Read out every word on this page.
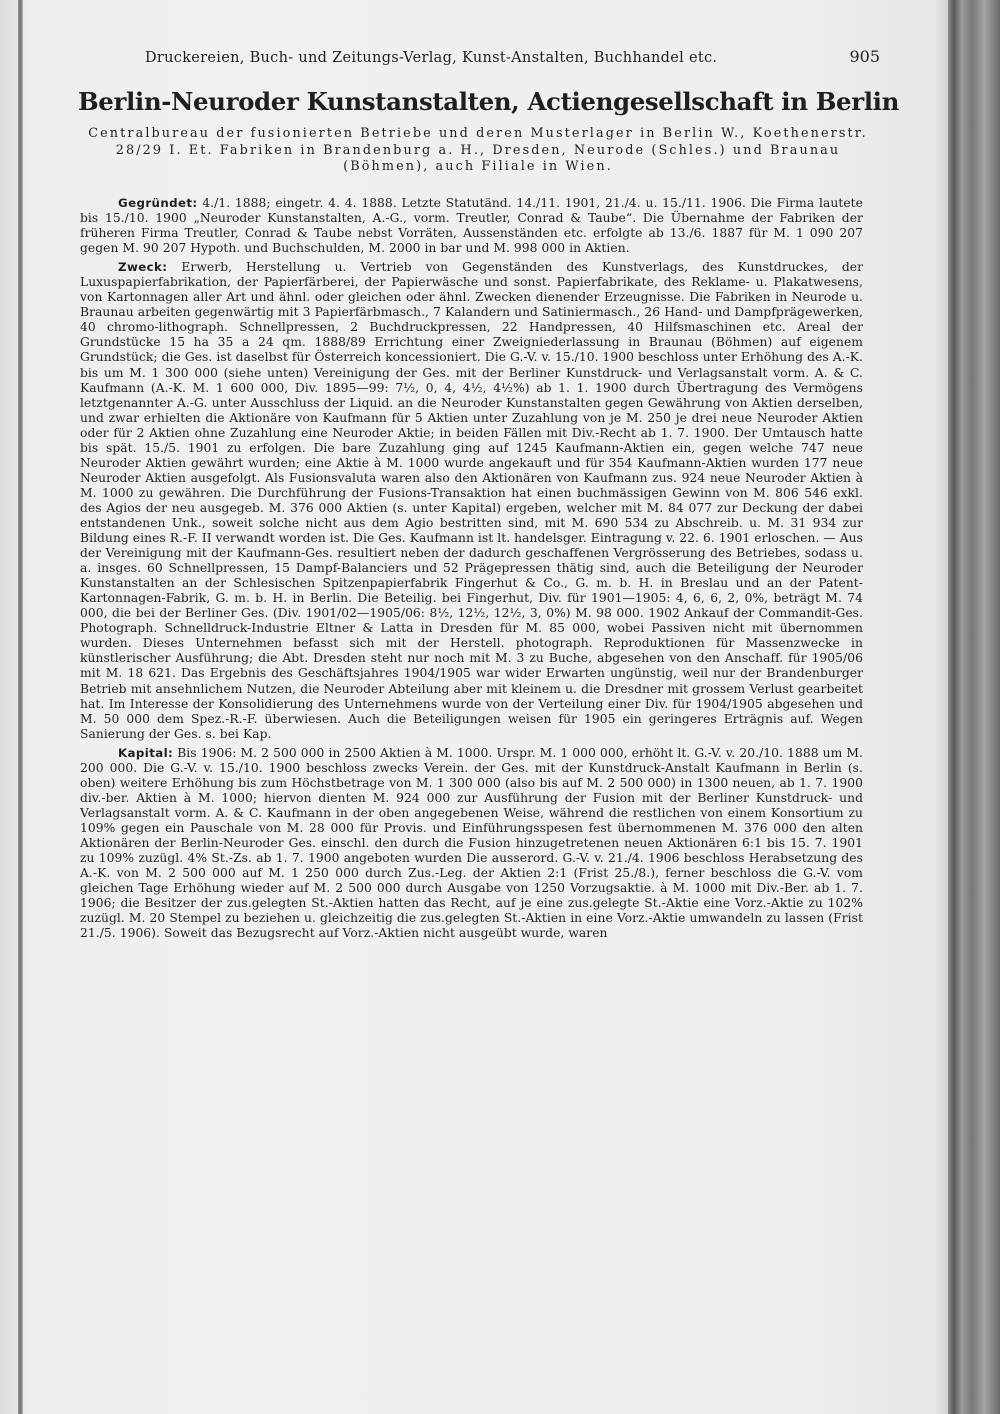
Druckereien, Buch- und Zeitungs-Verlag, Kunst-Anstalten, Buchhandel etc.	905
Berlin-Neuroder Kunstanstalten, Actiengesellschaft in Berlin
Centralbureau der fusionierten Betriebe und deren Musterlager in Berlin W., Koethenerstr. 28/29 I. Et. Fabriken in Brandenburg a. H., Dresden, Neurode (Schles.) und Braunau (Böhmen), auch Filiale in Wien.

Gegründet: 4./1. 1888; eingetr. 4. 4. 1888. Letzte Statutänd. 14./11. 1901, 21./4. u. 15./11. 1906. Die Firma lautete bis 15./10. 1900 „Neuroder Kunstanstalten, A.-G., vorm. Treutler, Conrad & Taube“. Die Übernahme der Fabriken der früheren Firma Treutler, Conrad & Taube nebst Vorräten, Aussenständen etc. erfolgte ab 13./6. 1887 für M. 1 090 207 gegen M. 90 207 Hypoth. und Buchschulden, M. 2000 in bar und M. 998 000 in Aktien.

Zweck: Erwerb, Herstellung u. Vertrieb von Gegenständen des Kunstverlags, des Kunstdruckes, der Luxuspapierfabrikation, der Papierfärberei, der Papierwäsche und sonst. Papierfabrikate, des Reklame- u. Plakatwesens, von Kartonnagen aller Art und ähnl. oder gleichen oder ähnl. Zwecken dienender Erzeugnisse. Die Fabriken in Neurode u. Braunau arbeiten gegenwärtig mit 3 Papierfärbmasch., 7 Kalandern und Satiniermasch., 26 Hand- und Dampfprägewerken, 40 chromo-lithograph. Schnellpressen, 2 Buchdruckpressen, 22 Handpressen, 40 Hilfsmaschinen etc. Areal der Grundstücke 15 ha 35 a 24 qm. 1888/89 Errichtung einer Zweigniederlassung in Braunau (Böhmen) auf eigenem Grundstück; die Ges. ist daselbst für Österreich koncessioniert. Die G.-V. v. 15./10. 1900 beschloss unter Erhöhung des A.-K. bis um M. 1 300 000 (siehe unten) Vereinigung der Ges. mit der Berliner Kunstdruck- und Verlagsanstalt vorm. A. & C. Kaufmann (A.-K. M. 1 600 000, Div. 1895—99: 7½, 0, 4, 4½, 4½%) ab 1. 1. 1900 durch Übertragung des Vermögens letztgenannter A.-G. unter Ausschluss der Liquid. an die Neuroder Kunstanstalten gegen Gewährung von Aktien derselben, und zwar erhielten die Aktionäre von Kaufmann für 5 Aktien unter Zuzahlung von je M. 250 je drei neue Neuroder Aktien oder für 2 Aktien ohne Zuzahlung eine Neuroder Aktie; in beiden Fällen mit Div.-Recht ab 1. 7. 1900. Der Umtausch hatte bis spät. 15./5. 1901 zu erfolgen. Die bare Zuzahlung ging auf 1245 Kaufmann-Aktien ein, gegen welche 747 neue Neuroder Aktien gewährt wurden; eine Aktie à M. 1000 wurde angekauft und für 354 Kaufmann-Aktien wurden 177 neue Neuroder Aktien ausgefolgt. Als Fusionsvaluta waren also den Aktionären von Kaufmann zus. 924 neue Neuroder Aktien à M. 1000 zu gewähren. Die Durchführung der Fusions-Transaktion hat einen buchmässigen Gewinn von M. 806 546 exkl. des Agios der neu ausgegeb. M. 376 000 Aktien (s. unter Kapital) ergeben, welcher mit M. 84 077 zur Deckung der dabei entstandenen Unk., soweit solche nicht aus dem Agio bestritten sind, mit M. 690 534 zu Abschreib. u. M. 31 934 zur Bildung eines R.-F. II verwandt worden ist. Die Ges. Kaufmann ist lt. handelsger. Eintragung v. 22. 6. 1901 erloschen. — Aus der Vereinigung mit der Kaufmann-Ges. resultiert neben der dadurch geschaffenen Vergrösserung des Betriebes, sodass u. a. insges. 60 Schnellpressen, 15 Dampf-Balanciers und 52 Prägepressen thätig sind, auch die Beteiligung der Neuroder Kunstanstalten an der Schlesischen Spitzenpapierfabrik Fingerhut & Co., G. m. b. H. in Breslau und an der Patent-Kartonnagen-Fabrik, G. m. b. H. in Berlin. Die Beteilig. bei Fingerhut, Div. für 1901—1905: 4, 6, 6, 2, 0%, beträgt M. 74 000, die bei der Berliner Ges. (Div. 1901/02—1905/06: 8½, 12½, 12½, 3, 0%) M. 98 000. 1902 Ankauf der Commandit-Ges. Photograph. Schnelldruck-Industrie Eltner & Latta in Dresden für M. 85 000, wobei Passiven nicht mit übernommen wurden. Dieses Unternehmen befasst sich mit der Herstell. photograph. Reproduktionen für Massenzwecke in künstlerischer Ausführung; die Abt. Dresden steht nur noch mit M. 3 zu Buche, abgesehen von den Anschaff. für 1905/06 mit M. 18 621. Das Ergebnis des Geschäftsjahres 1904/1905 war wider Erwarten ungünstig, weil nur der Brandenburger Betrieb mit ansehnlichem Nutzen, die Neuroder Abteilung aber mit kleinem u. die Dresdner mit grossem Verlust gearbeitet hat. Im Interesse der Konsolidierung des Unternehmens wurde von der Verteilung einer Div. für 1904/1905 abgesehen und M. 50 000 dem Spez.-R.-F. überwiesen. Auch die Beteiligungen weisen für 1905 ein geringeres Erträgnis auf. Wegen Sanierung der Ges. s. bei Kap.

Kapital: Bis 1906: M. 2 500 000 in 2500 Aktien à M. 1000. Urspr. M. 1 000 000, erhöht lt. G.-V. v. 20./10. 1888 um M. 200 000. Die G.-V. v. 15./10. 1900 beschloss zwecks Verein. der Ges. mit der Kunstdruck-Anstalt Kaufmann in Berlin (s. oben) weitere Erhöhung bis zum Höchstbetrage von M. 1 300 000 (also bis auf M. 2 500 000) in 1300 neuen, ab 1. 7. 1900 div.-ber. Aktien à M. 1000; hiervon dienten M. 924 000 zur Ausführung der Fusion mit der Berliner Kunstdruck- und Verlagsanstalt vorm. A. & C. Kaufmann in der oben angegebenen Weise, während die restlichen von einem Konsortium zu 109% gegen ein Pauschale von M. 28 000 für Provis. und Einführungsspesen fest übernommenen M. 376 000 den alten Aktionären der Berlin-Neuroder Ges. einschl. den durch die Fusion hinzugetretenen neuen Aktionären 6:1 bis 15. 7. 1901 zu 109% zuzügl. 4% St.-Zs. ab 1. 7. 1900 angeboten wurden Die ausserord. G.-V. v. 21./4. 1906 beschloss Herabsetzung des A.-K. von M. 2 500 000 auf M. 1 250 000 durch Zus.-Leg. der Aktien 2:1 (Frist 25./8.), ferner beschloss die G.-V. vom gleichen Tage Erhöhung wieder auf M. 2 500 000 durch Ausgabe von 1250 Vorzugsaktie. à M. 1000 mit Div.-Ber. ab 1. 7. 1906; die Besitzer der zus.gelegten St.-Aktien hatten das Recht, auf je eine zus.gelegte St.-Aktie eine Vorz.-Aktie zu 102% zuzügl. M. 20 Stempel zu beziehen u. gleichzeitig die zus.gelegten St.-Aktien in eine Vorz.-Aktie umwandeln zu lassen (Frist 21./5. 1906). Soweit das Bezugsrecht auf Vorz.-Aktien nicht ausgeübt wurde, waren
